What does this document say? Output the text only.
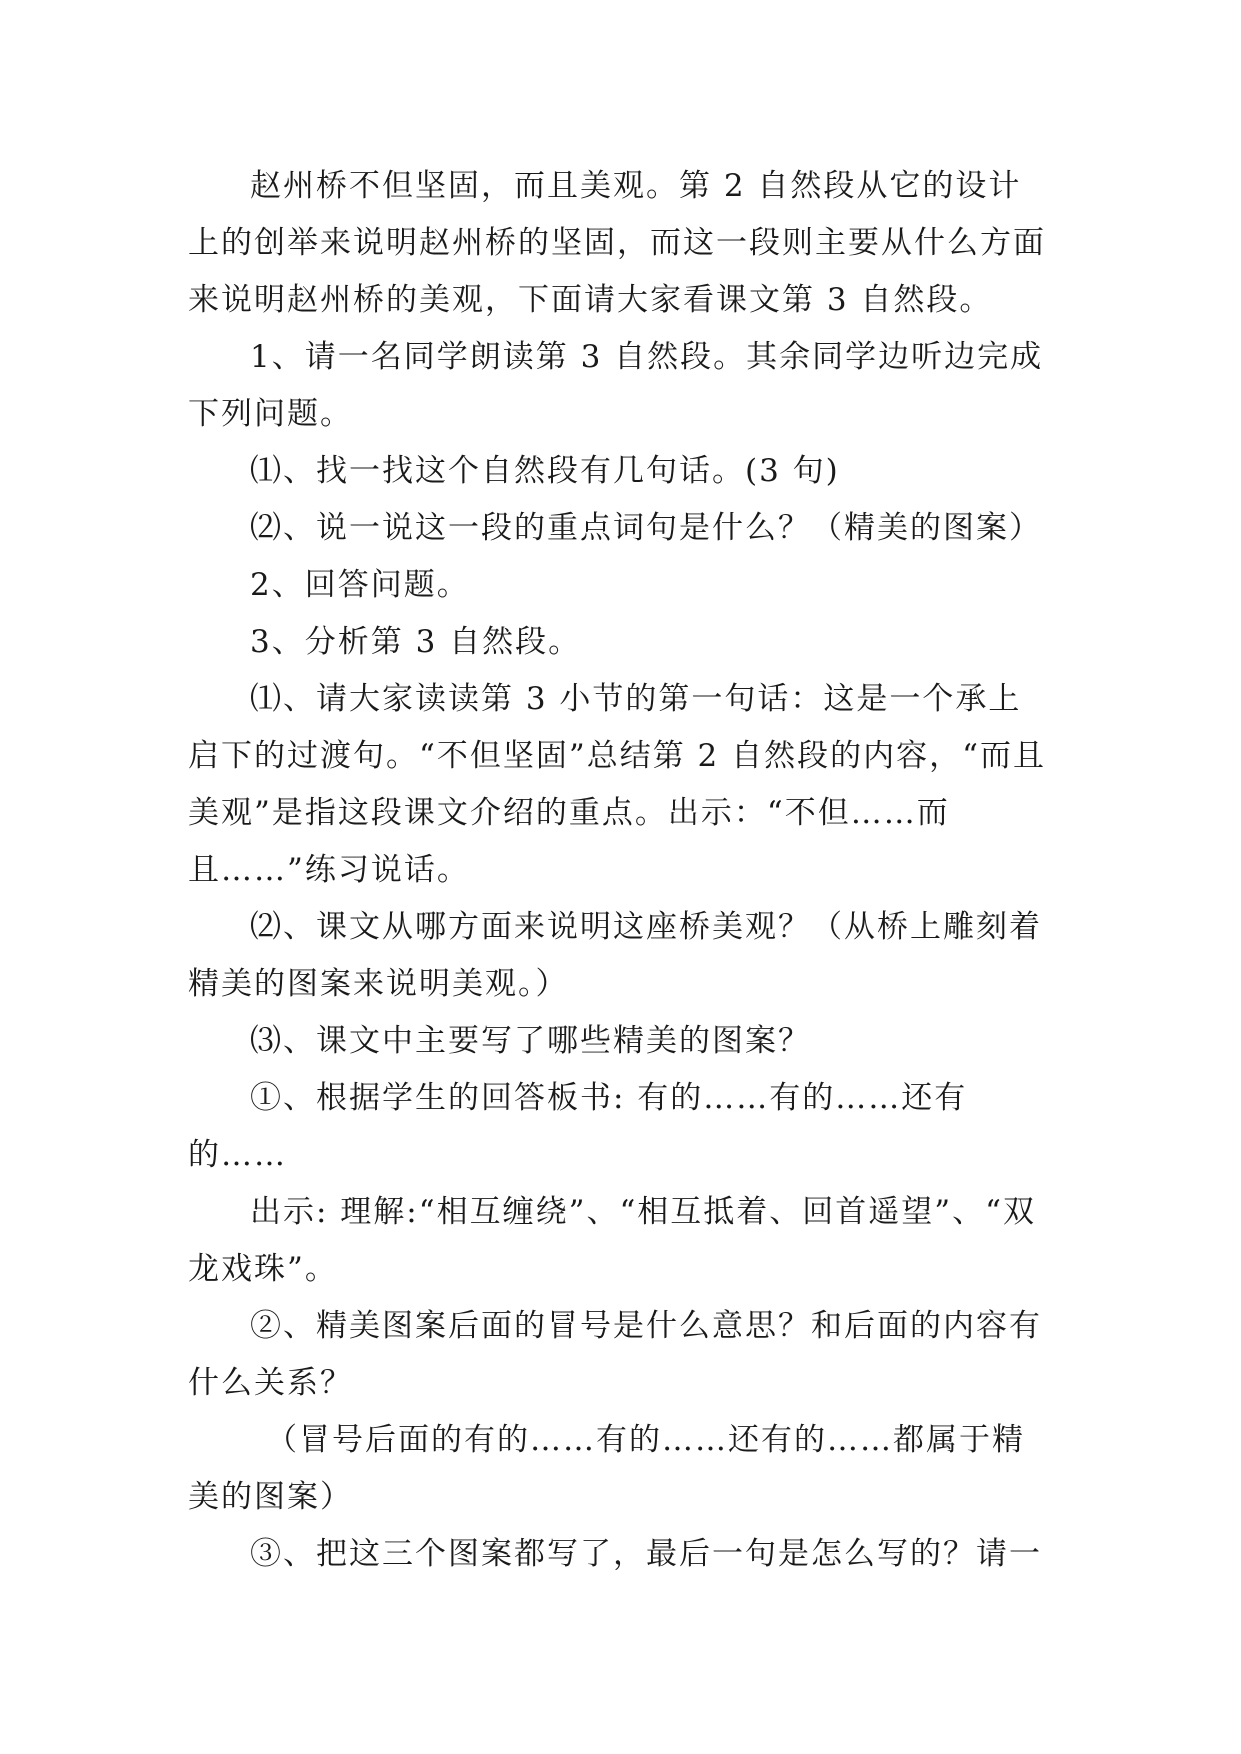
赵州桥不但坚固，而且美观。第 2 自然段从它的设计上的创举来说明赵州桥的坚固，而这一段则主要从什么方面来说明赵州桥的美观，下面请大家看课文第 3 自然段。

1、请一名同学朗读第 3 自然段。其余同学边听边完成下列问题。

⑴、找一找这个自然段有几句话。(3 句)

⑵、说一说这一段的重点词句是什么？（精美的图案）

2、回答问题。

3、分析第 3 自然段。

⑴、请大家读读第 3 小节的第一句话：这是一个承上启下的过渡句。“不但坚固”总结第 2 自然段的内容，“而且美观”是指这段课文介绍的重点。出示：“不但……而且……”练习说话。

⑵、课文从哪方面来说明这座桥美观？（从桥上雕刻着精美的图案来说明美观。）

⑶、课文中主要写了哪些精美的图案？

①、根据学生的回答板书: 有的……有的……还有的……

出示: 理解:“相互缠绕”、“相互抵着、回首遥望”、“双龙戏珠”。

②、精美图案后面的冒号是什么意思？和后面的内容有什么关系？

（冒号后面的有的……有的……还有的……都属于精美的图案）

③、把这三个图案都写了，最后一句是怎么写的？请一
